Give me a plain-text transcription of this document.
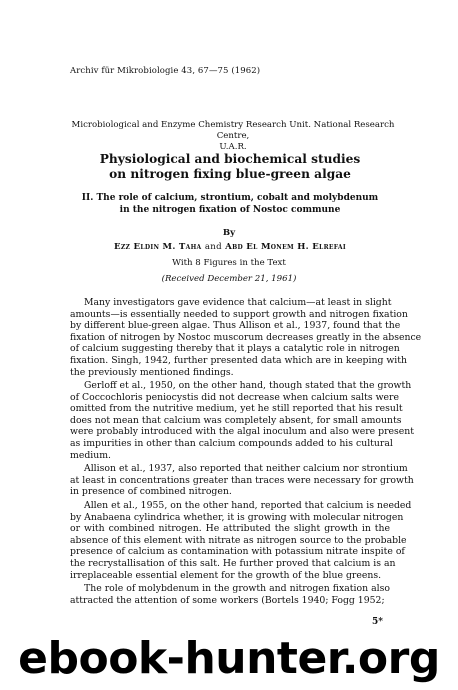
Archiv für Mikrobiologie 43, 67—75 (1962)
Microbiological and Enzyme Chemistry Research Unit. National Research Centre,
U.A.R.
Physiological and biochemical studies
on nitrogen fixing blue-green algae
II. The role of calcium, strontium, cobalt and molybdenum
in the nitrogen fixation of Nostoc commune
By
Ezz Eldin M. Taha and Abd El Monem H. Elrefai
With 8 Figures in the Text
(Received December 21, 1961)
Many investigators gave evidence that calcium—at least in slight
amounts—is essentially needed to support growth and nitrogen fixation
by different blue-green algae. Thus Allison et al., 1937, found that the
fixation of nitrogen by Nostoc muscorum decreases greatly in the absence
of calcium suggesting thereby that it plays a catalytic role in nitrogen
fixation. Singh, 1942, further presented data which are in keeping with
the previously mentioned findings.
Gerloff et al., 1950, on the other hand, though stated that the growth
of Coccochloris peniocystis did not decrease when calcium salts were
omitted from the nutritive medium, yet he still reported that his result
does not mean that calcium was completely absent, for small amounts
were probably introduced with the algal inoculum and also were present
as impurities in other than calcium compounds added to his cultural
medium.
Allison et al., 1937, also reported that neither calcium nor strontium
at least in concentrations greater than traces were necessary for growth
in presence of combined nitrogen.
Allen et al., 1955, on the other hand, reported that calcium is needed
by Anabaena cylindrica whether, it is growing with molecular nitrogen
or with combined nitrogen. He attributed the slight growth in the
absence of this element with nitrate as nitrogen source to the probable
presence of calcium as contamination with potassium nitrate inspite of
the recrystallisation of this salt. He further proved that calcium is an
irreplaceable essential element for the growth of the blue greens.
The role of molybdenum in the growth and nitrogen fixation also
attracted the attention of some workers (Bortels 1940; Fogg 1952;
5*
ebook-hunter.org
